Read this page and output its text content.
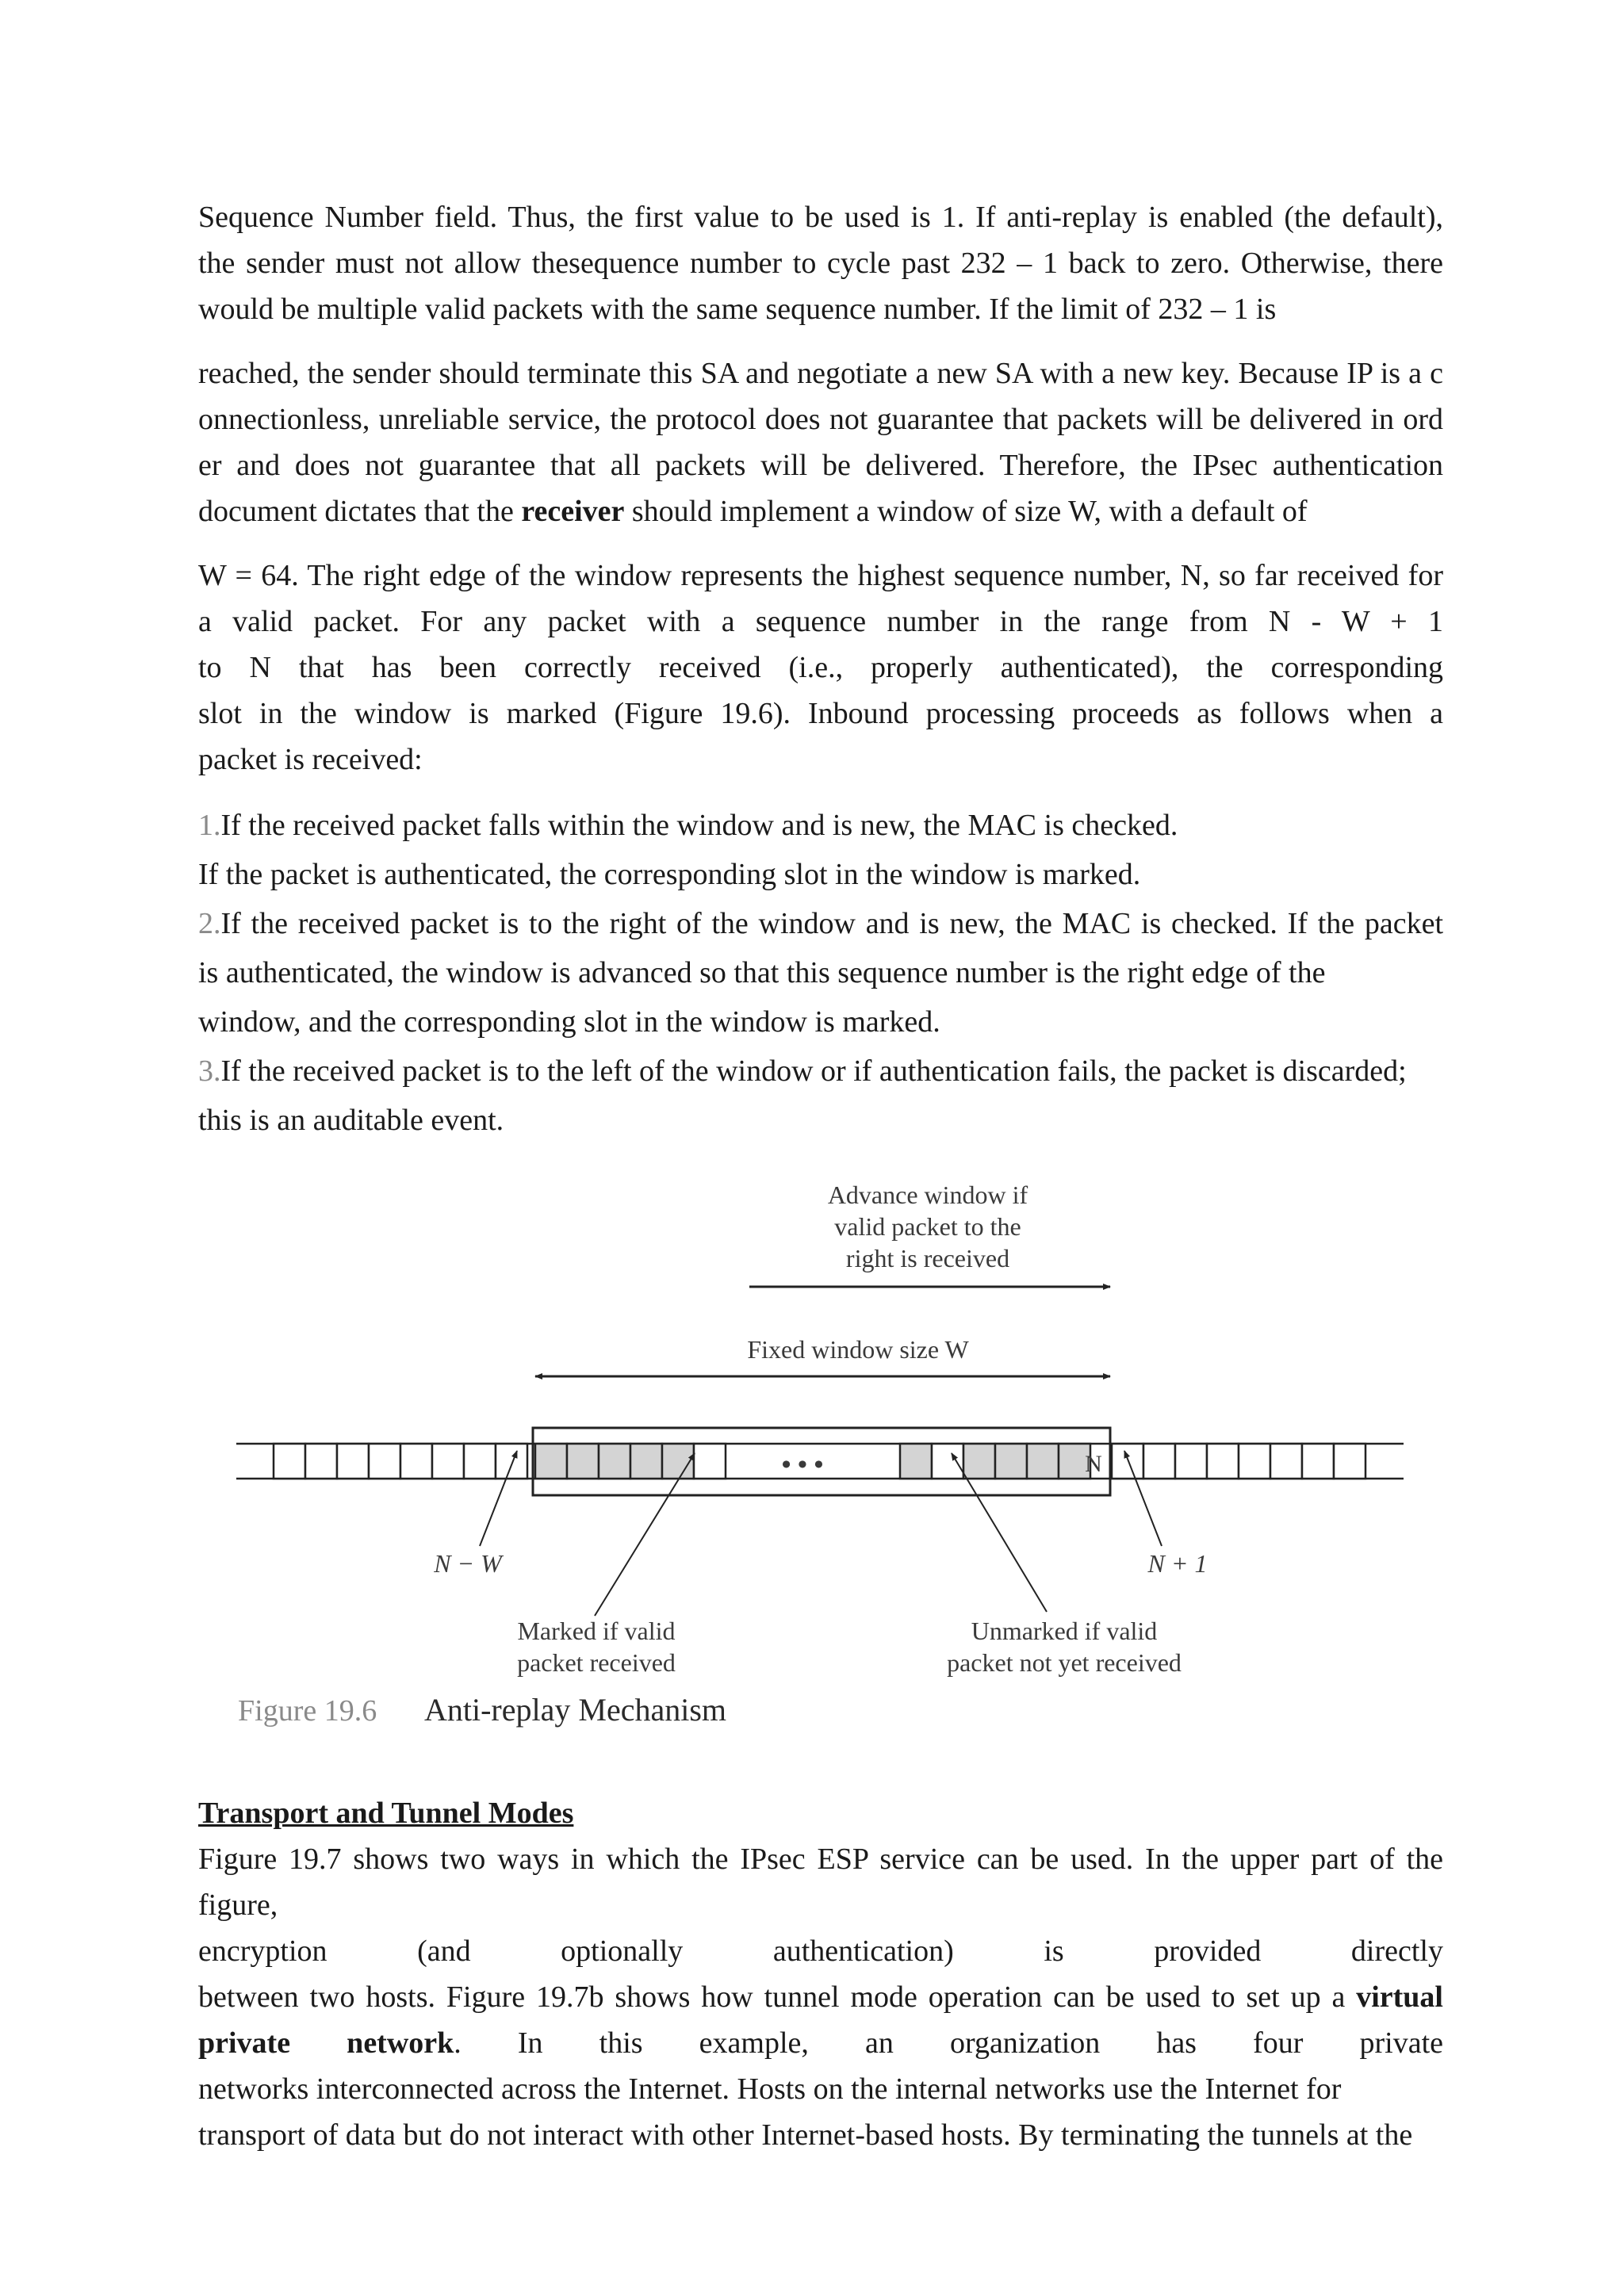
Sequence Number field. Thus, the first value to be used is 1. If anti-replay is enabled (the default),
the sender must not allow thesequence number to cycle past 232 – 1 back to zero. Otherwise, there
would be multiple valid packets with the same sequence number. If the limit of 232 – 1 is
reached, the sender should terminate this SA and negotiate a new SA with a new key. Because IP is a c
onnectionless, unreliable service, the protocol does not guarantee that packets will be delivered in ord
er and does not guarantee that all packets will be delivered. Therefore, the IPsec authentication
document dictates that the receiver should implement a window of size W, with a default of
W = 64. The right edge of the window represents the highest sequence number, N, so far received for
a valid packet. For any packet with a sequence number in the range from N - W + 1
to N that has been correctly received (i.e., properly authenticated), the corresponding
slot in the window is marked (Figure 19.6). Inbound processing proceeds as follows when a
packet is received:
1.If the received packet falls within the window and is new, the MAC is checked.
If the packet is authenticated, the corresponding slot in the window is marked.
2.If the received packet is to the right of the window and is new, the MAC is checked. If the packet
is authenticated, the window is advanced so that this sequence number is the right edge of the
window, and the corresponding slot in the window is marked.
3.If the received packet is to the left of the window or if authentication fails, the packet is discarded;
this is an auditable event.
Advance window if
valid packet to the
right is received
Fixed window size W
• • •	N
N − W	N + 1
Marked if valid
packet received
Unmarked if valid
packet not yet received
Figure 19.6 Anti-replay Mechanism
Transport and Tunnel Modes
Figure 19.7 shows two ways in which the IPsec ESP service can be used. In the upper part of the figure,
encryption (and optionally authentication) is provided directly
between two hosts. Figure 19.7b shows how tunnel mode operation can be used to set up a virtual
private network. In this example, an organization has four private
networks interconnected across the Internet. Hosts on the internal networks use the Internet for
transport of data but do not interact with other Internet-based hosts. By terminating the tunnels at the
